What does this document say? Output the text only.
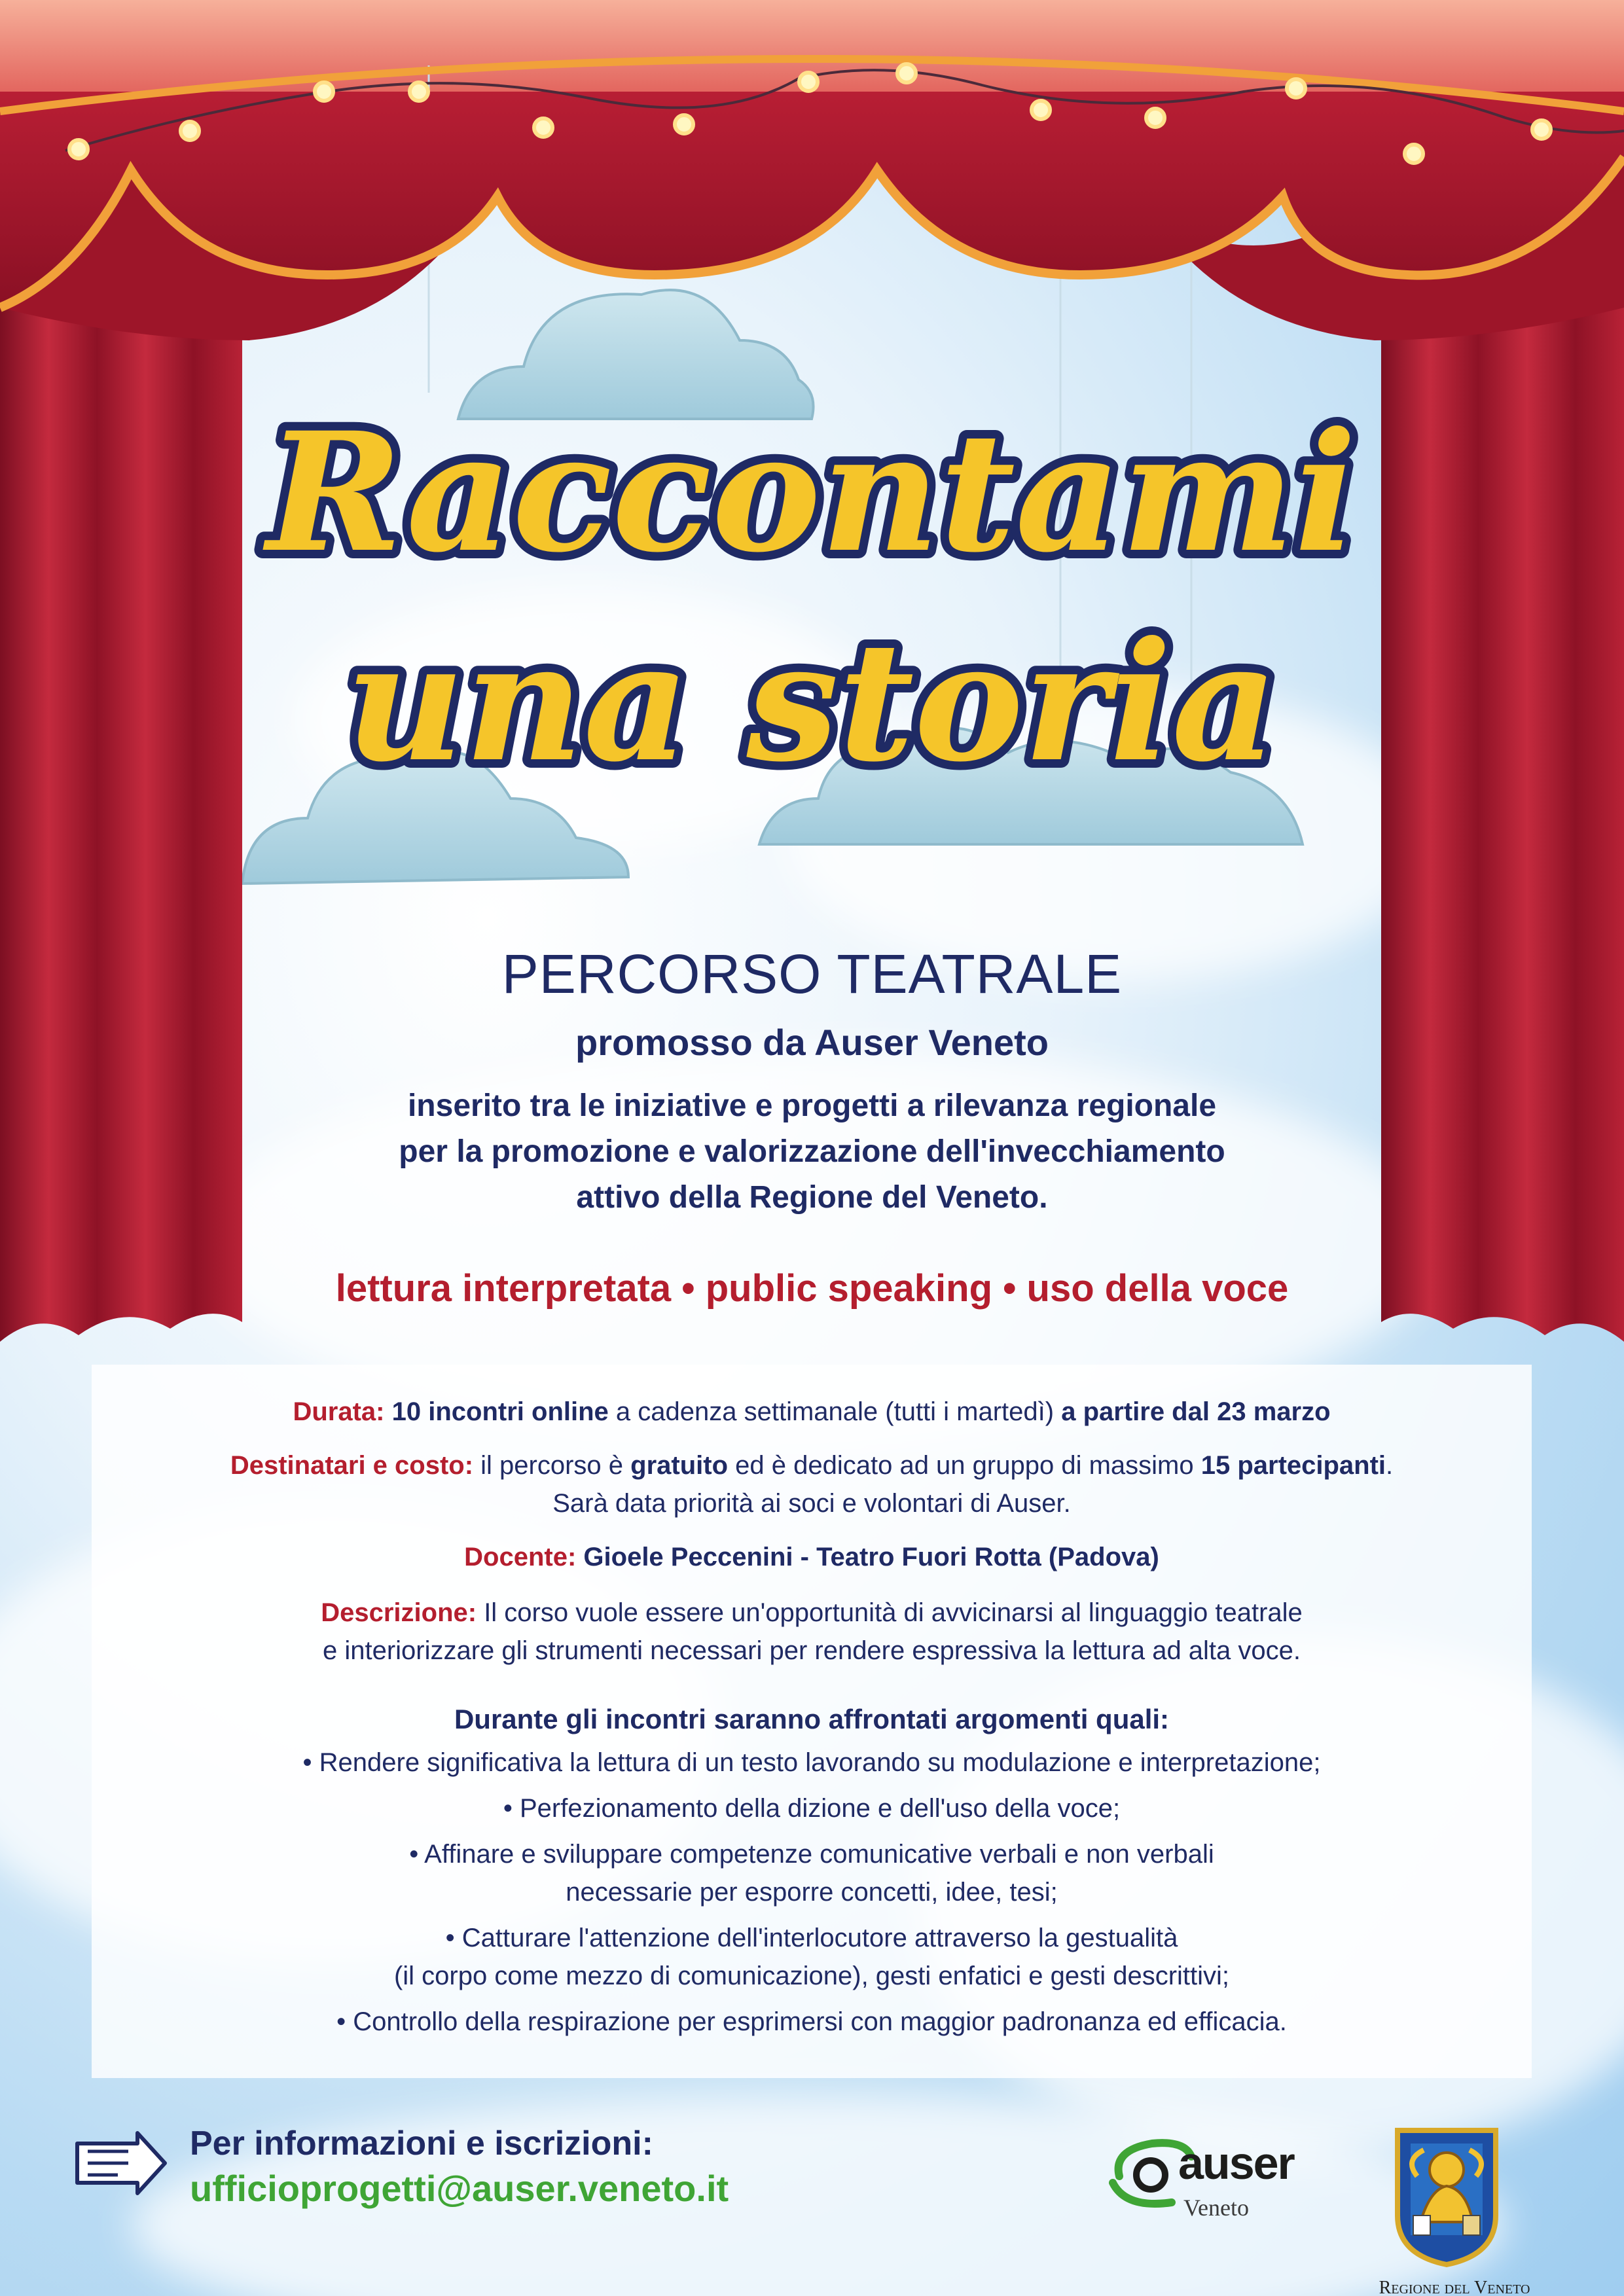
Raccontami
una storia
PERCORSO TEATRALE
promosso da Auser Veneto
inserito tra le iniziative e progetti a rilevanza regionale
per la promozione e valorizzazione dell'invecchiamento
attivo della Regione del Veneto.
lettura interpretata • public speaking • uso della voce
Durata: 10 incontri online a cadenza settimanale (tutti i martedì) a partire dal 23 marzo
Destinatari e costo: il percorso è gratuito ed è dedicato ad un gruppo di massimo 15 partecipanti.
Sarà data priorità ai soci e volontari di Auser.
Docente: Gioele Peccenini - Teatro Fuori Rotta (Padova)
Descrizione: Il corso vuole essere un'opportunità di avvicinarsi al linguaggio teatrale
e interiorizzare gli strumenti necessari per rendere espressiva la lettura ad alta voce.
Durante gli incontri saranno affrontati argomenti quali:
• Rendere significativa la lettura di un testo lavorando su modulazione e interpretazione;
• Perfezionamento della dizione e dell'uso della voce;
• Affinare e sviluppare competenze comunicative verbali e non verbali
necessarie per esporre concetti, idee, tesi;
• Catturare l'attenzione dell'interlocutore attraverso la gestualità
(il corpo come mezzo di comunicazione), gesti enfatici e gesti descrittivi;
• Controllo della respirazione per esprimersi con maggior padronanza ed efficacia.
Per informazioni e iscrizioni:
ufficioprogetti@auser.veneto.it	auser
Veneto
Regione del Veneto
